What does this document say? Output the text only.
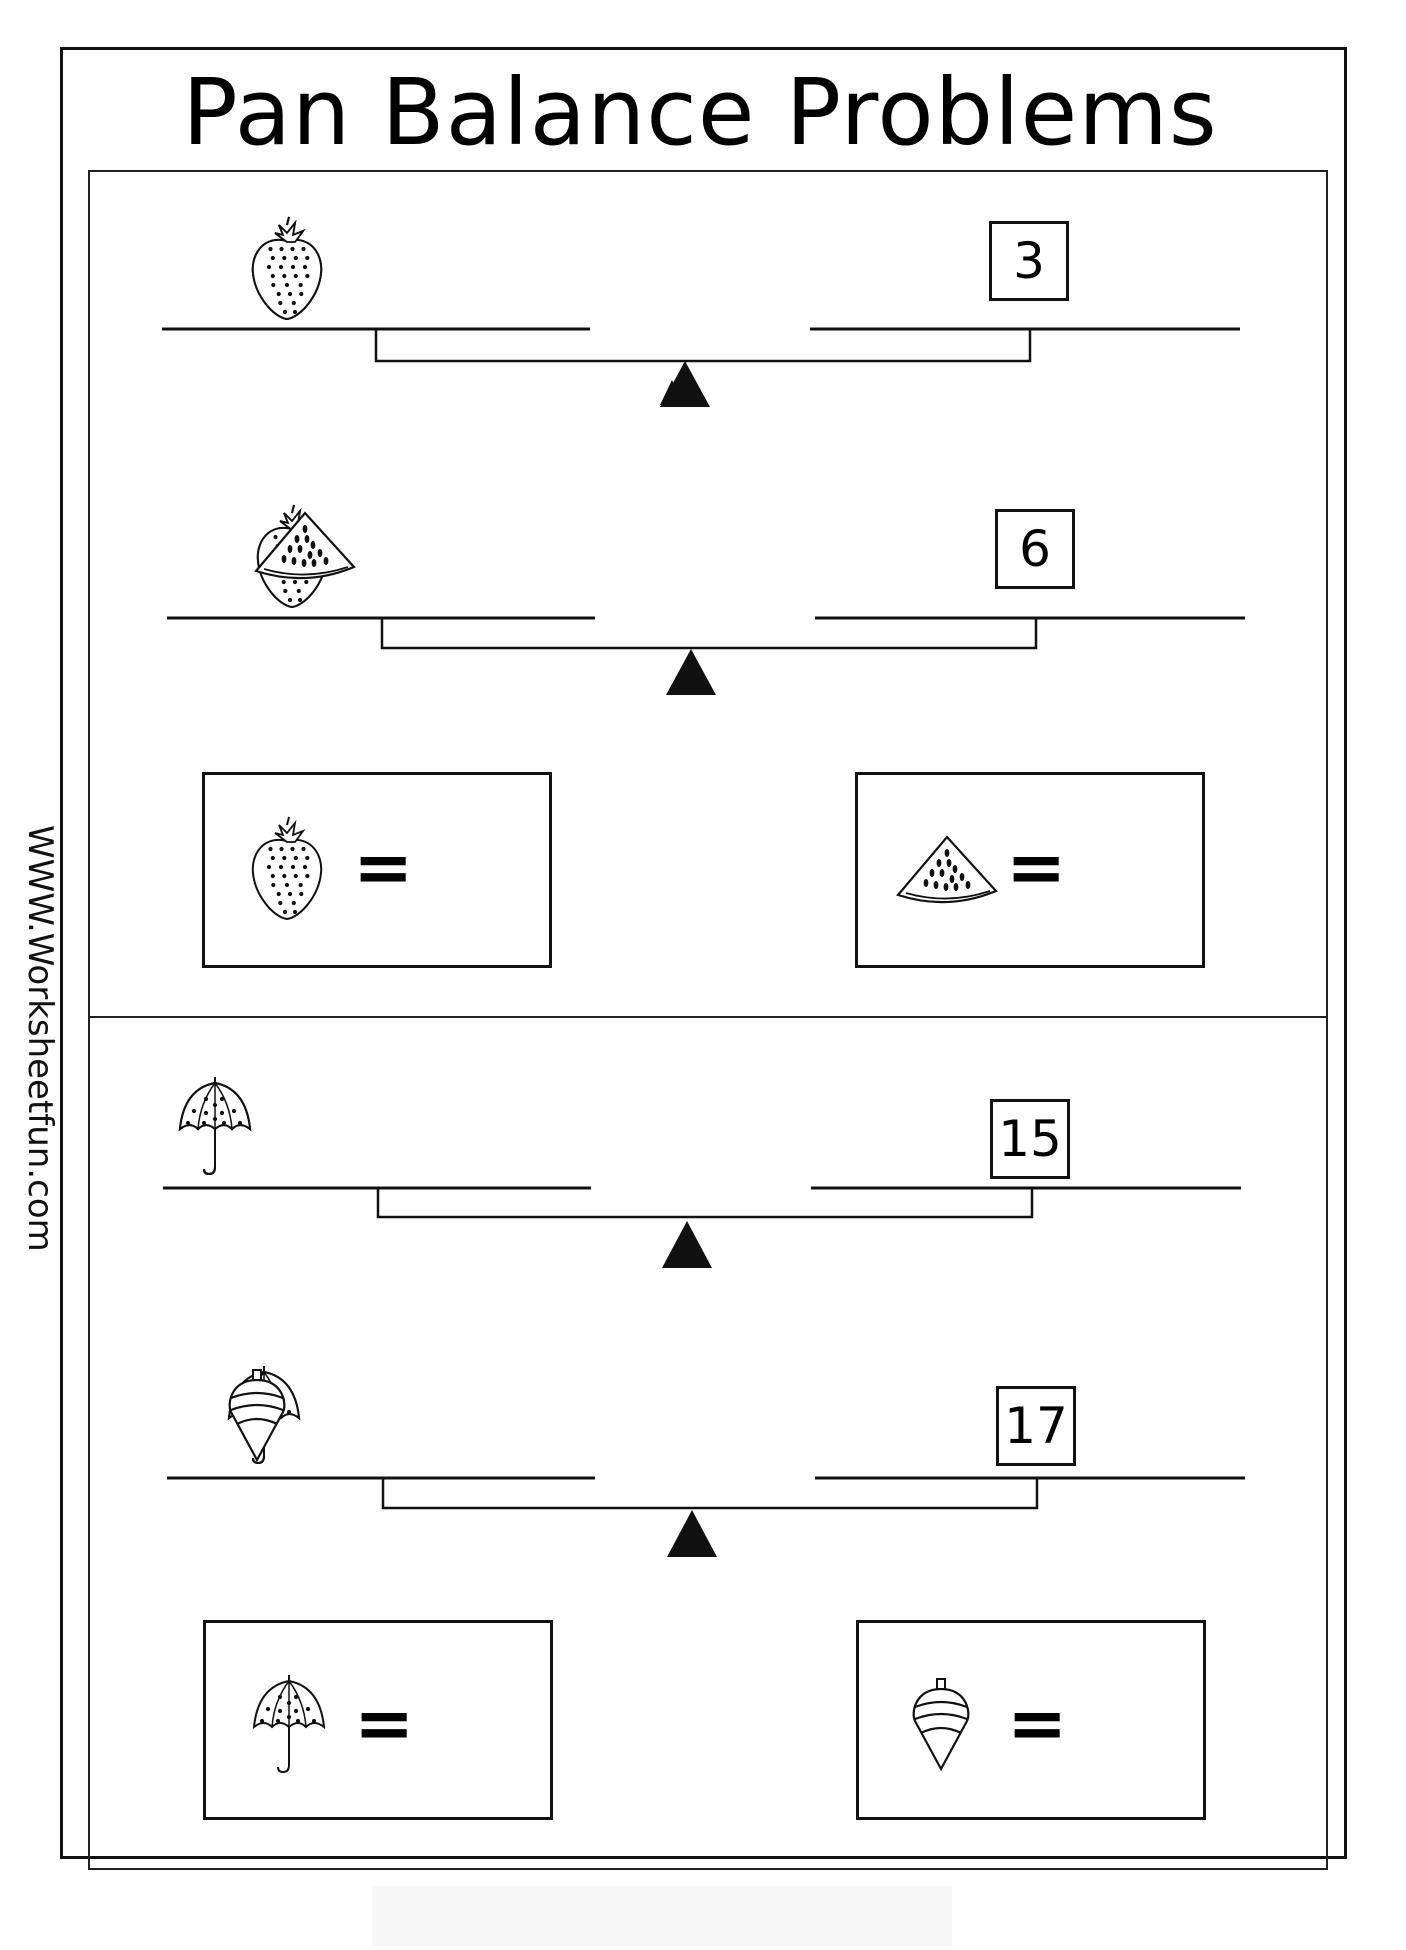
Pan Balance Problems
WWW.Worksheetfun.com
3
6
=	=
15
17
=	=
